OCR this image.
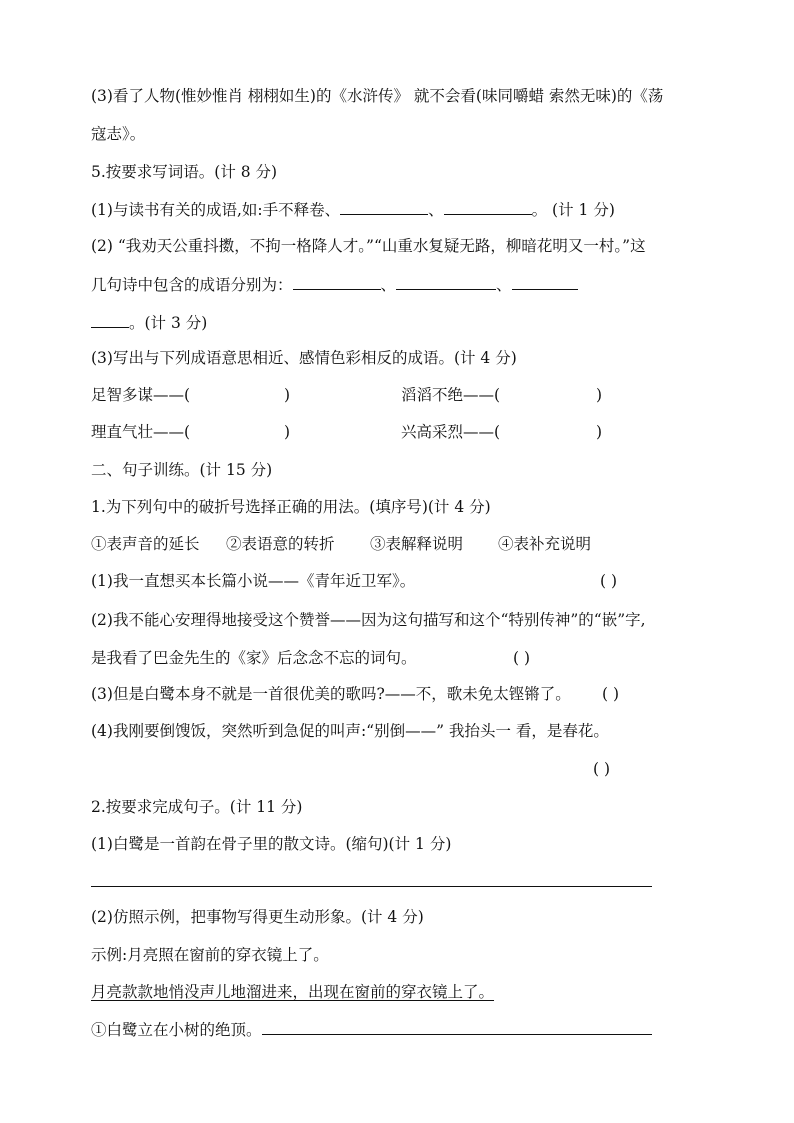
(3)看了人物(惟妙惟肖 栩栩如生)的《水浒传》 就不会看(味同嚼蜡 索然无味)的《荡
寇志》。
5.按要求写词语。(计 8 分)
(1)与读书有关的成语,如:手不释卷、	、	。 (计 1 分)
(2) “我劝天公重抖擞，不拘一格降人才。”“山重水复疑无路，柳暗花明又一村。”这
几句诗中包含的成语分别为：	、	、
。(计 3 分)
(3)写出与下列成语意思相近、感情色彩相反的成语。(计 4 分)
足智多谋——(	)	滔滔不绝——(	)
理直气壮——(	)	兴高采烈——(	)
二、句子训练。(计 15 分)
1.为下列句中的破折号选择正确的用法。(填序号)(计 4 分)
①表声音的延长 ②表语意的转折 ③表解释说明 ④表补充说明
(1)我一直想买本长篇小说——《青年近卫军》。	( )
(2)我不能心安理得地接受这个赞誉——因为这句描写和这个“特别传神”的“嵌”字,
是我看了巴金先生的《家》后念念不忘的词句。	( )
(3)但是白鹭本身不就是一首很优美的歌吗?——不，歌未免太铿锵了。 ( )
(4)我刚要倒馊饭，突然听到急促的叫声:“别倒——” 我抬头一 看，是春花。
( )
2.按要求完成句子。(计 11 分)
(1)白鹭是一首韵在骨子里的散文诗。(缩句)(计 1 分)
(2)仿照示例，把事物写得更生动形象。(计 4 分)
示例:月亮照在窗前的穿衣镜上了。
月亮款款地悄没声儿地溜进来，出现在窗前的穿衣镜上了。
①白鹭立在小树的绝顶。
